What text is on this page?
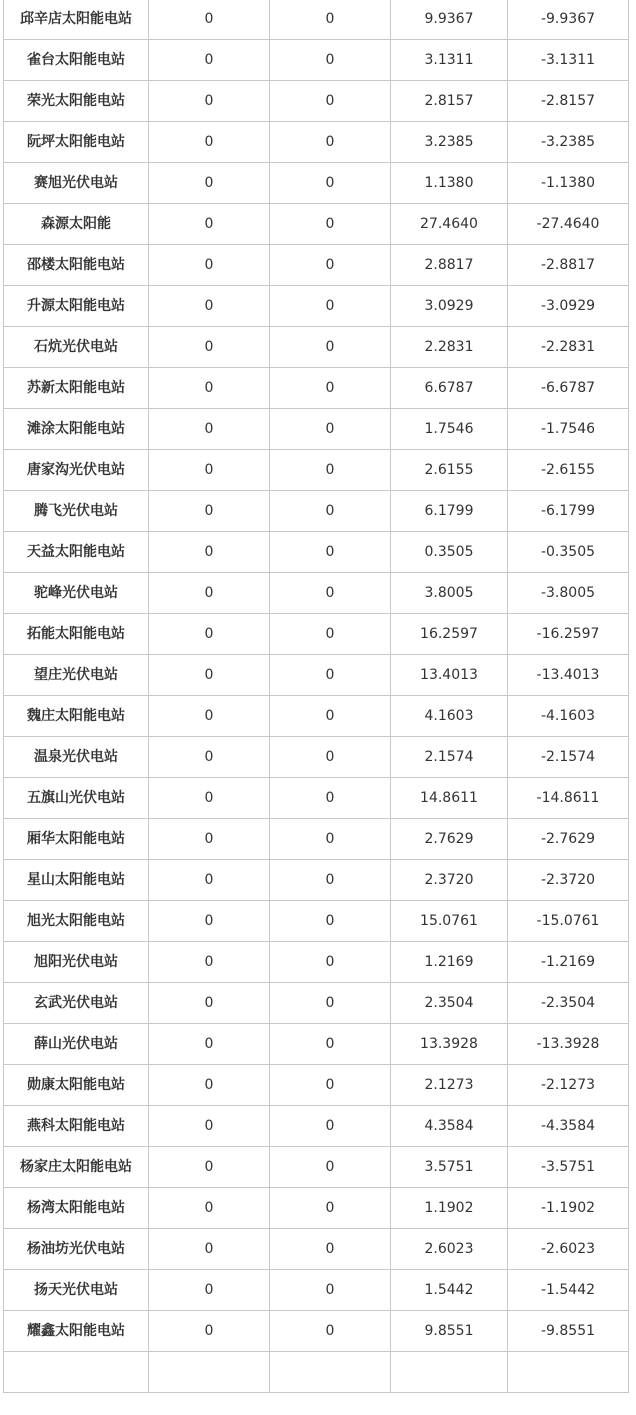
邱辛店太阳能电站	0	0	9.9367	-9.9367
雀台太阳能电站	0	0	3.1311	-3.1311
荣光太阳能电站	0	0	2.8157	-2.8157
阮坪太阳能电站	0	0	3.2385	-3.2385
赛旭光伏电站	0	0	1.1380	-1.1380
森源太阳能	0	0	27.4640	-27.4640
邵楼太阳能电站	0	0	2.8817	-2.8817
升源太阳能电站	0	0	3.0929	-3.0929
石炕光伏电站	0	0	2.2831	-2.2831
苏新太阳能电站	0	0	6.6787	-6.6787
滩涂太阳能电站	0	0	1.7546	-1.7546
唐家沟光伏电站	0	0	2.6155	-2.6155
腾飞光伏电站	0	0	6.1799	-6.1799
天益太阳能电站	0	0	0.3505	-0.3505
驼峰光伏电站	0	0	3.8005	-3.8005
拓能太阳能电站	0	0	16.2597	-16.2597
望庄光伏电站	0	0	13.4013	-13.4013
魏庄太阳能电站	0	0	4.1603	-4.1603
温泉光伏电站	0	0	2.1574	-2.1574
五旗山光伏电站	0	0	14.8611	-14.8611
厢华太阳能电站	0	0	2.7629	-2.7629
星山太阳能电站	0	0	2.3720	-2.3720
旭光太阳能电站	0	0	15.0761	-15.0761
旭阳光伏电站	0	0	1.2169	-1.2169
玄武光伏电站	0	0	2.3504	-2.3504
薛山光伏电站	0	0	13.3928	-13.3928
勋康太阳能电站	0	0	2.1273	-2.1273
燕科太阳能电站	0	0	4.3584	-4.3584
杨家庄太阳能电站	0	0	3.5751	-3.5751
杨湾太阳能电站	0	0	1.1902	-1.1902
杨油坊光伏电站	0	0	2.6023	-2.6023
扬天光伏电站	0	0	1.5442	-1.5442
耀鑫太阳能电站	0	0	9.8551	-9.8551
